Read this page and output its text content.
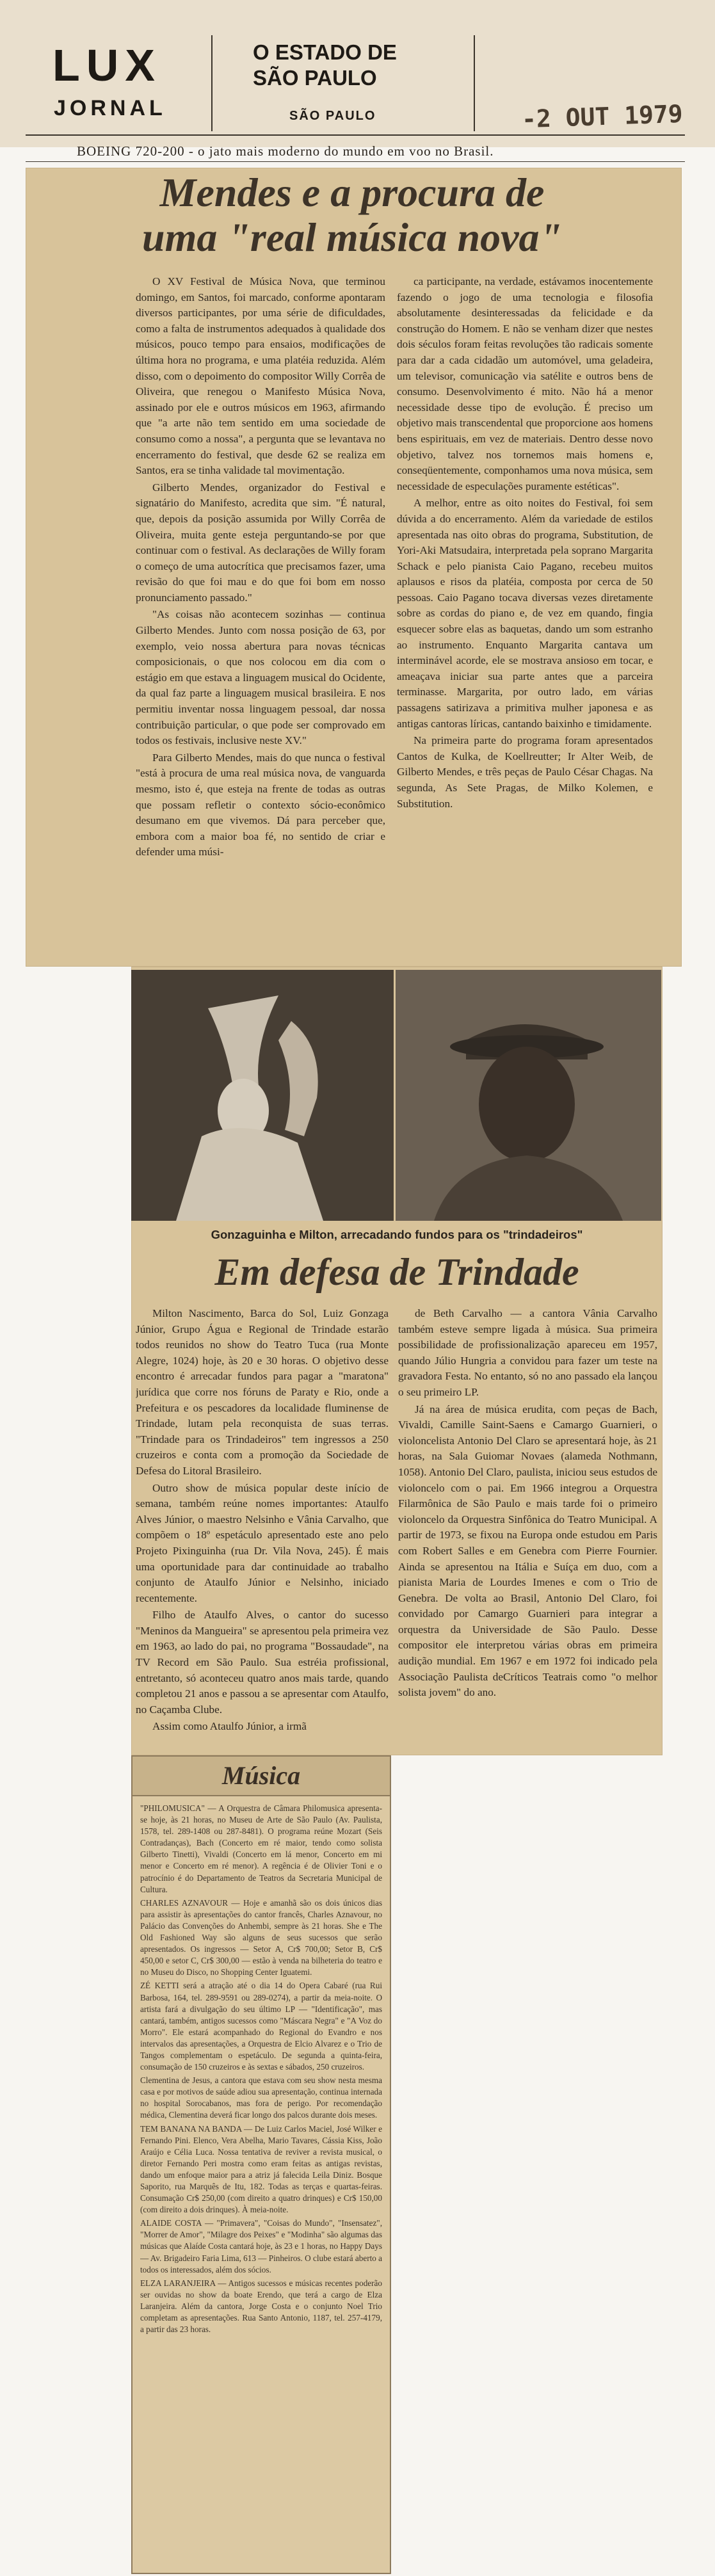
LUX
JORNAL
O ESTADO DE
SÃO PAULO
SÃO PAULO	-2 OUT 1979
BOEING 720-200 - o jato mais moderno do mundo em voo no Brasil.
Mendes e a procura de
uma "real música nova"

O XV Festival de Música Nova, que terminou domingo, em Santos, foi marcado, conforme apontaram diversos participantes, por uma série de dificuldades, como a falta de instrumentos adequados à qualidade dos músicos, pouco tempo para ensaios, modificações de última hora no programa, e uma platéia reduzida. Além disso, com o depoimento do compositor Willy Corrêa de Oliveira, que renegou o Manifesto Música Nova, assinado por ele e outros músicos em 1963, afirmando que "a arte não tem sentido em uma sociedade de consumo como a nossa", a pergunta que se levantava no encerramento do festival, que desde 62 se realiza em Santos, era se tinha validade tal movimentação.

Gilberto Mendes, organizador do Festival e signatário do Manifesto, acredita que sim. "É natural, que, depois da posição assumida por Willy Corrêa de Oliveira, muita gente esteja perguntando-se por que continuar com o festival. As declarações de Willy foram o começo de uma autocrítica que precisamos fazer, uma revisão do que foi mau e do que foi bom em nosso pronunciamento passado."

"As coisas não acontecem sozinhas — continua Gilberto Mendes. Junto com nossa posição de 63, por exemplo, veio nossa abertura para novas técnicas composicionais, o que nos colocou em dia com o estágio em que estava a linguagem musical do Ocidente, da qual faz parte a linguagem musical brasileira. E nos permitiu inventar nossa linguagem pessoal, dar nossa contribuição particular, o que pode ser comprovado em todos os festivais, inclusive neste XV."

Para Gilberto Mendes, mais do que nunca o festival "está à procura de uma real música nova, de vanguarda mesmo, isto é, que esteja na frente de todas as outras que possam refletir o contexto sócio-econômico desumano em que vivemos. Dá para perceber que, embora com a maior boa fé, no sentido de criar e defender uma músi-

ca participante, na verdade, estávamos inocentemente fazendo o jogo de uma tecnologia e filosofia absolutamente desinteressadas da felicidade e da construção do Homem. E não se venham dizer que nestes dois séculos foram feitas revoluções tão radicais somente para dar a cada cidadão um automóvel, uma geladeira, um televisor, comunicação via satélite e outros bens de consumo. Desenvolvimento é mito. Não há a menor necessidade desse tipo de evolução. É preciso um objetivo mais transcendental que proporcione aos homens bens espirituais, em vez de materiais. Dentro desse novo objetivo, talvez nos tornemos mais homens e, conseqüentemente, componhamos uma nova música, sem necessidade de especulações puramente estéticas".

A melhor, entre as oito noites do Festival, foi sem dúvida a do encerramento. Além da variedade de estilos apresentada nas oito obras do programa, Substitution, de Yori-Aki Matsudaira, interpretada pela soprano Margarita Schack e pelo pianista Caio Pagano, recebeu muitos aplausos e risos da platéia, composta por cerca de 50 pessoas. Caio Pagano tocava diversas vezes diretamente sobre as cordas do piano e, de vez em quando, fingia esquecer sobre elas as baquetas, dando um som estranho ao instrumento. Enquanto Margarita cantava um interminável acorde, ele se mostrava ansioso em tocar, e ameaçava iniciar sua parte antes que a parceira terminasse. Margarita, por outro lado, em várias passagens satirizava a primitiva mulher japonesa e as antigas cantoras líricas, cantando baixinho e timidamente.

Na primeira parte do programa foram apresentados Cantos de Kulka, de Koellreutter; Ir Alter Weib, de Gilberto Mendes, e três peças de Paulo César Chagas. Na segunda, As Sete Pragas, de Milko Kolemen, e Substitution.

Gonzaguinha e Milton, arrecadando fundos para os "trindadeiros"
Em defesa de Trindade

Milton Nascimento, Barca do Sol, Luiz Gonzaga Júnior, Grupo Água e Regional de Trindade estarão todos reunidos no show do Teatro Tuca (rua Monte Alegre, 1024) hoje, às 20 e 30 horas. O objetivo desse encontro é arrecadar fundos para pagar a "maratona" jurídica que corre nos fóruns de Paraty e Rio, onde a Prefeitura e os pescadores da localidade fluminense de Trindade, lutam pela reconquista de suas terras. "Trindade para os Trindadeiros" tem ingressos a 250 cruzeiros e conta com a promoção da Sociedade de Defesa do Litoral Brasileiro.

Outro show de música popular deste início de semana, também reúne nomes importantes: Ataulfo Alves Júnior, o maestro Nelsinho e Vânia Carvalho, que compõem o 18º espetáculo apresentado este ano pelo Projeto Pixinguinha (rua Dr. Vila Nova, 245). É mais uma oportunidade para dar continuidade ao trabalho conjunto de Ataulfo Júnior e Nelsinho, iniciado recentemente.

Filho de Ataulfo Alves, o cantor do sucesso "Meninos da Mangueira" se apresentou pela primeira vez em 1963, ao lado do pai, no programa "Bossaudade", na TV Record em São Paulo. Sua estréia profissional, entretanto, só aconteceu quatro anos mais tarde, quando completou 21 anos e passou a se apresentar com Ataulfo, no Caçamba Clube.

Assim como Ataulfo Júnior, a irmã

de Beth Carvalho — a cantora Vânia Carvalho também esteve sempre ligada à música. Sua primeira possibilidade de profissionalização apareceu em 1957, quando Júlio Hungria a convidou para fazer um teste na gravadora Festa. No entanto, só no ano passado ela lançou o seu primeiro LP.

Já na área de música erudita, com peças de Bach, Vivaldi, Camille Saint-Saens e Camargo Guarnieri, o violoncelista Antonio Del Claro se apresentará hoje, às 21 horas, na Sala Guiomar Novaes (alameda Nothmann, 1058). Antonio Del Claro, paulista, iniciou seus estudos de violoncelo com o pai. Em 1966 integrou a Orquestra Filarmônica de São Paulo e mais tarde foi o primeiro violoncelo da Orquestra Sinfônica do Teatro Municipal. A partir de 1973, se fixou na Europa onde estudou em Paris com Robert Salles e em Genebra com Pierre Fournier. Ainda se apresentou na Itália e Suíça em duo, com a pianista Maria de Lourdes Imenes e com o Trio de Genebra. De volta ao Brasil, Antonio Del Claro, foi convidado por Camargo Guarnieri para integrar a orquestra da Universidade de São Paulo. Desse compositor ele interpretou várias obras em primeira audição mundial. Em 1967 e em 1972 foi indicado pela Associação Paulista deCríticos Teatrais como "o melhor solista jovem" do ano.

Música

"PHILOMUSICA" — A Orquestra de Câmara Philomusica apresenta-se hoje, às 21 horas, no Museu de Arte de São Paulo (Av. Paulista, 1578, tel. 289-1408 ou 287-8481). O programa reúne Mozart (Seis Contradanças), Bach (Concerto em ré maior, tendo como solista Gilberto Tinetti), Vivaldi (Concerto em lá menor, Concerto em mi menor e Concerto em ré menor). A regência é de Olivier Toni e o patrocínio é do Departamento de Teatros da Secretaria Municipal de Cultura.

CHARLES AZNAVOUR — Hoje e amanhã são os dois únicos dias para assistir às apresentações do cantor francês, Charles Aznavour, no Palácio das Convenções do Anhembi, sempre às 21 horas. She e The Old Fashioned Way são alguns de seus sucessos que serão apresentados. Os ingressos — Setor A, Cr$ 700,00; Setor B, Cr$ 450,00 e setor C, Cr$ 300,00 — estão à venda na bilheteria do teatro e no Museu do Disco, no Shopping Center Iguatemi.

ZÉ KETTI será a atração até o dia 14 do Opera Cabaré (rua Rui Barbosa, 164, tel. 289-9591 ou 289-0274), a partir da meia-noite. O artista fará a divulgação do seu último LP — "Identificação", mas cantará, também, antigos sucessos como "Máscara Negra" e "A Voz do Morro". Ele estará acompanhado do Regional do Evandro e nos intervalos das apresentações, a Orquestra de Elcio Alvarez e o Trio de Tangos complementam o espetáculo. De segunda a quinta-feira, consumação de 150 cruzeiros e às sextas e sábados, 250 cruzeiros.

Clementina de Jesus, a cantora que estava com seu show nesta mesma casa e por motivos de saúde adiou sua apresentação, continua internada no hospital Sorocabanos, mas fora de perigo. Por recomendação médica, Clementina deverá ficar longo dos palcos durante dois meses.

TEM BANANA NA BANDA — De Luiz Carlos Maciel, José Wilker e Fernando Pini. Elenco, Vera Abelha, Mario Tavares, Cássia Kiss, João Araújo e Célia Luca. Nossa tentativa de reviver a revista musical, o diretor Fernando Peri mostra como eram feitas as antigas revistas, dando um enfoque maior para a atriz já falecida Leila Diniz. Bosque Saporito, rua Marquês de Itu, 182. Todas as terças e quartas-feiras. Consumação Cr$ 250,00 (com direito a quatro drinques) e Cr$ 150,00 (com direito a dois drinques). À meia-noite.

ALAIDE COSTA — "Primavera", "Coisas do Mundo", "Insensatez", "Morrer de Amor", "Milagre dos Peixes" e "Modinha" são algumas das músicas que Alaíde Costa cantará hoje, às 23 e 1 horas, no Happy Days — Av. Brigadeiro Faria Lima, 613 — Pinheiros. O clube estará aberto a todos os interessados, além dos sócios.

ELZA LARANJEIRA — Antigos sucessos e músicas recentes poderão ser ouvidas no show da boate Erendo, que terá a cargo de Elza Laranjeira. Além da cantora, Jorge Costa e o conjunto Noel Trio completam as apresentações. Rua Santo Antonio, 1187, tel. 257-4179, a partir das 23 horas.
